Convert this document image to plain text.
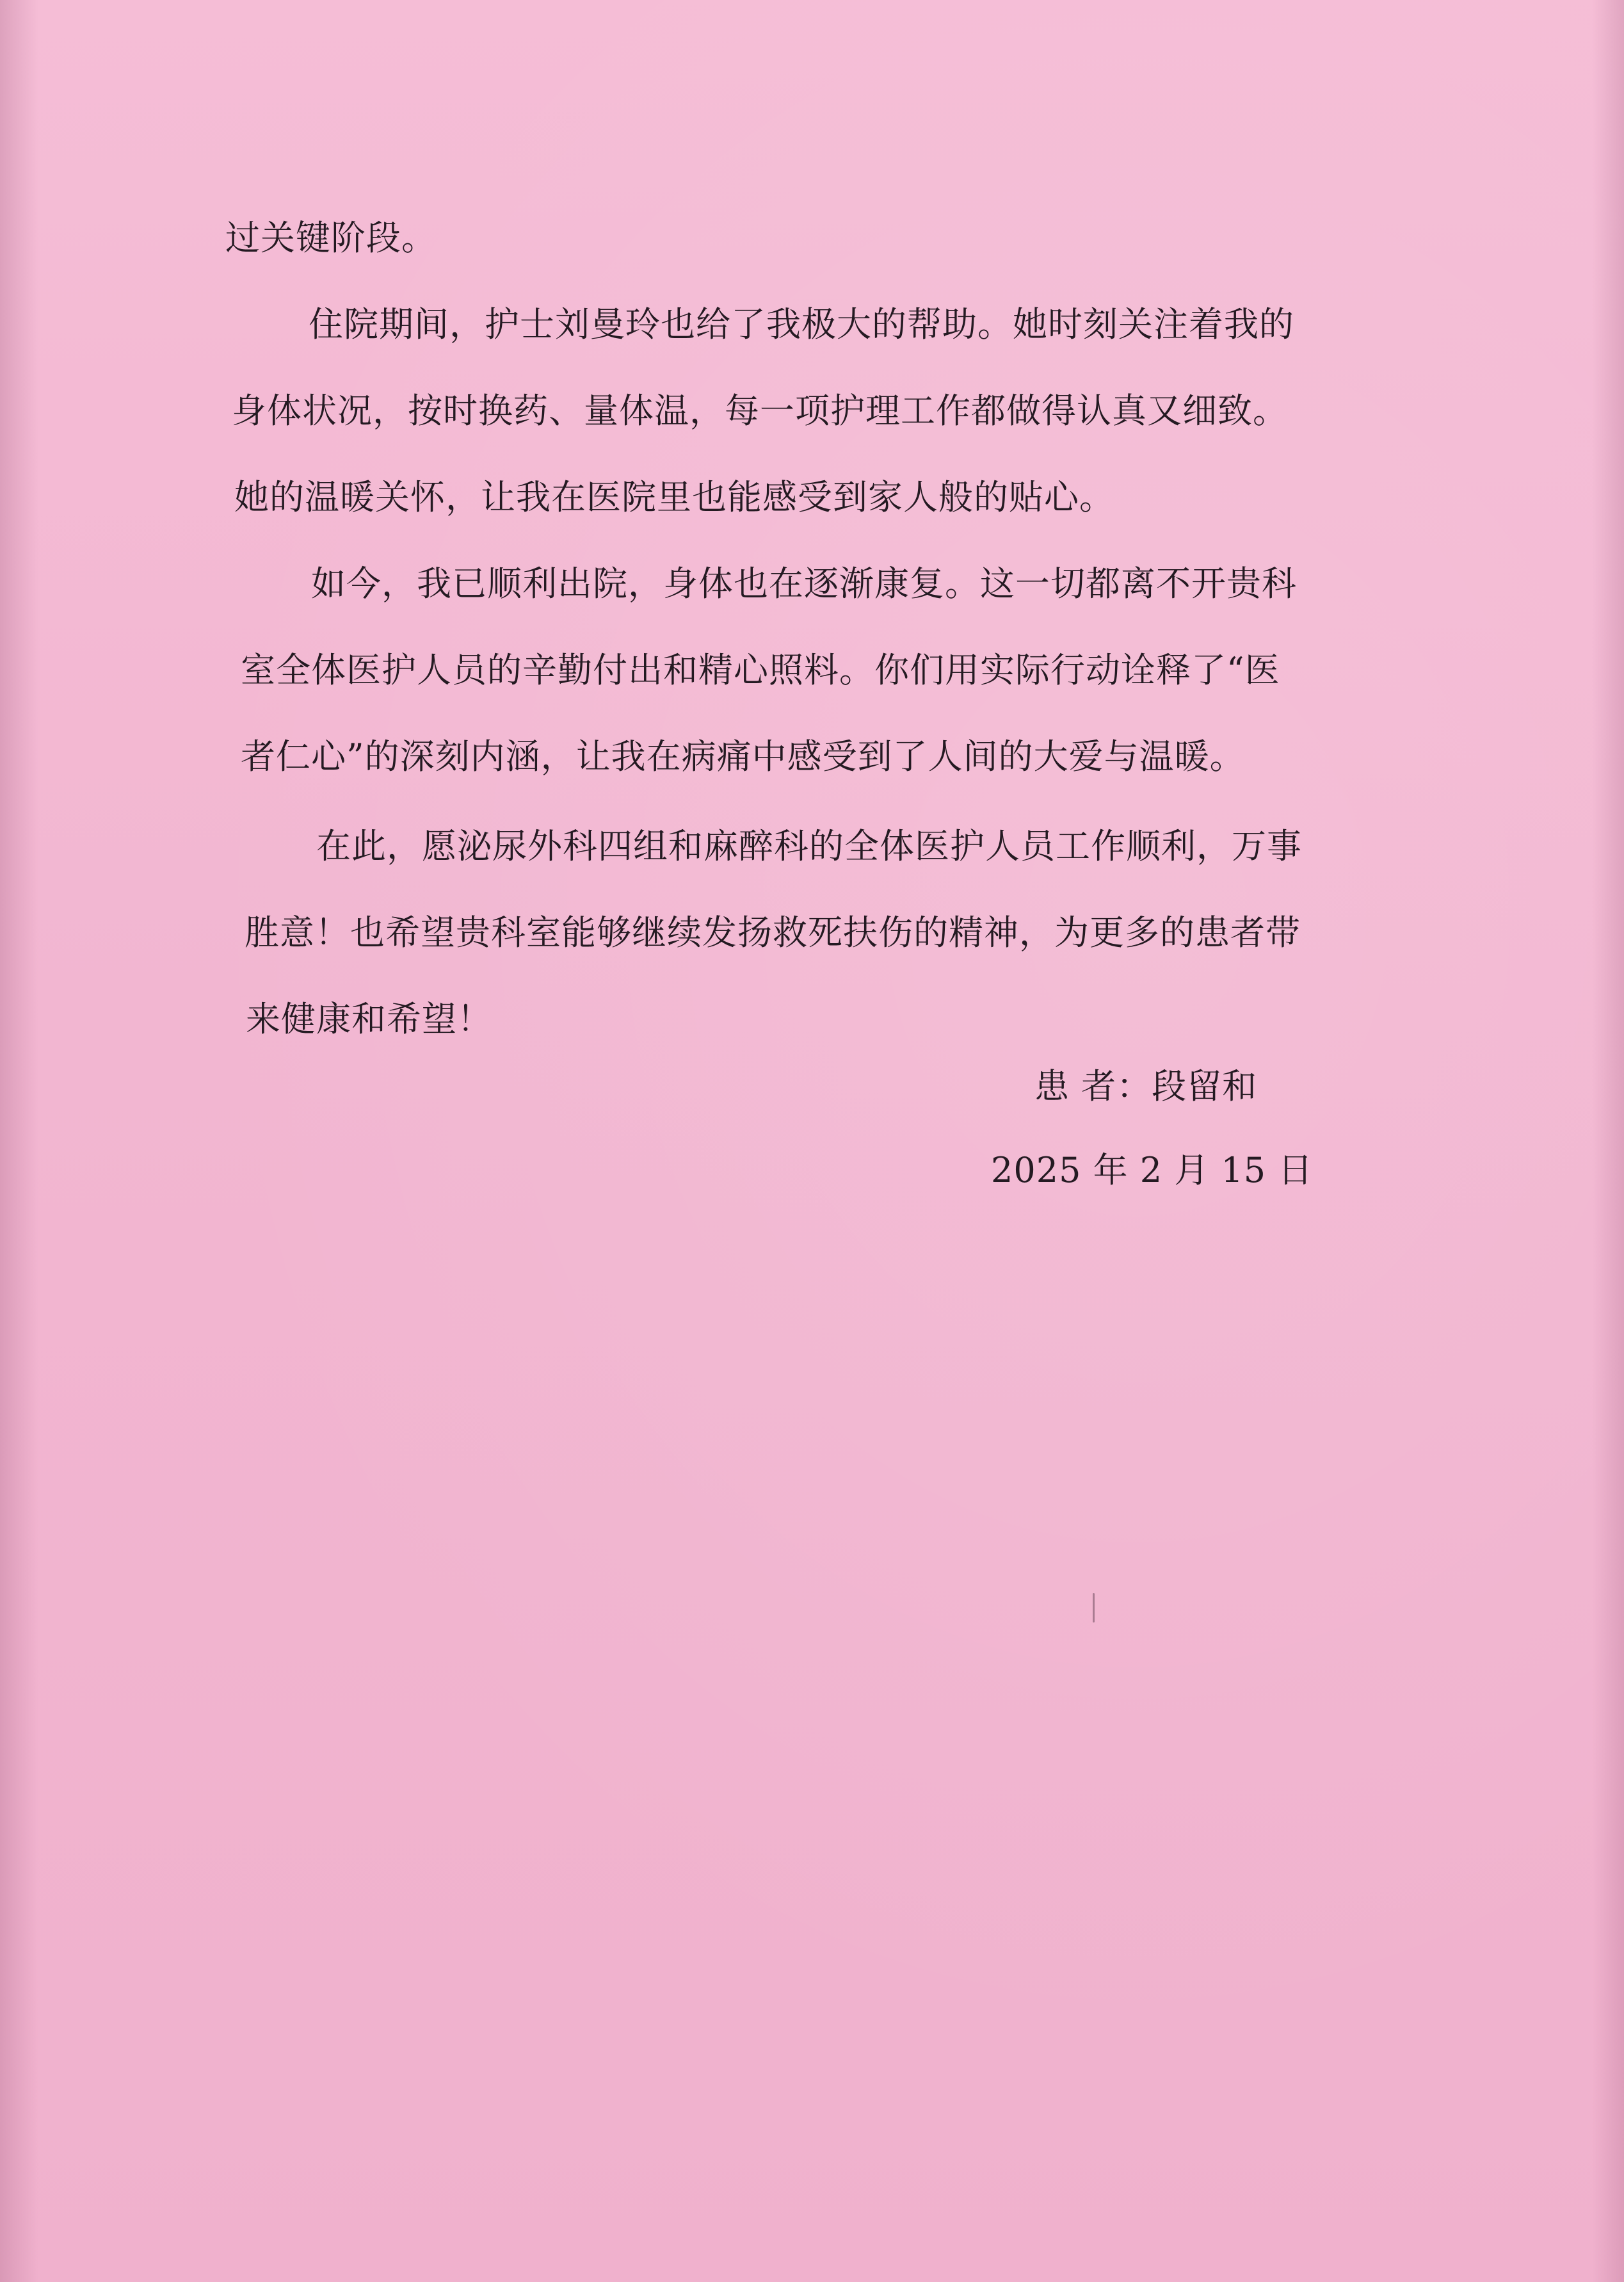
过关键阶段。
住院期间，护士刘曼玲也给了我极大的帮助。她时刻关注着我的
身体状况，按时换药、量体温，每一项护理工作都做得认真又细致。
她的温暖关怀，让我在医院里也能感受到家人般的贴心。
如今，我已顺利出院，身体也在逐渐康复。这一切都离不开贵科
室全体医护人员的辛勤付出和精心照料。你们用实际行动诠释了“医
者仁心”的深刻内涵，让我在病痛中感受到了人间的大爱与温暖。
在此，愿泌尿外科四组和麻醉科的全体医护人员工作顺利，万事
胜意！也希望贵科室能够继续发扬救死扶伤的精神，为更多的患者带
来健康和希望！
患 者：段留和
2025 年 2 月 15 日
